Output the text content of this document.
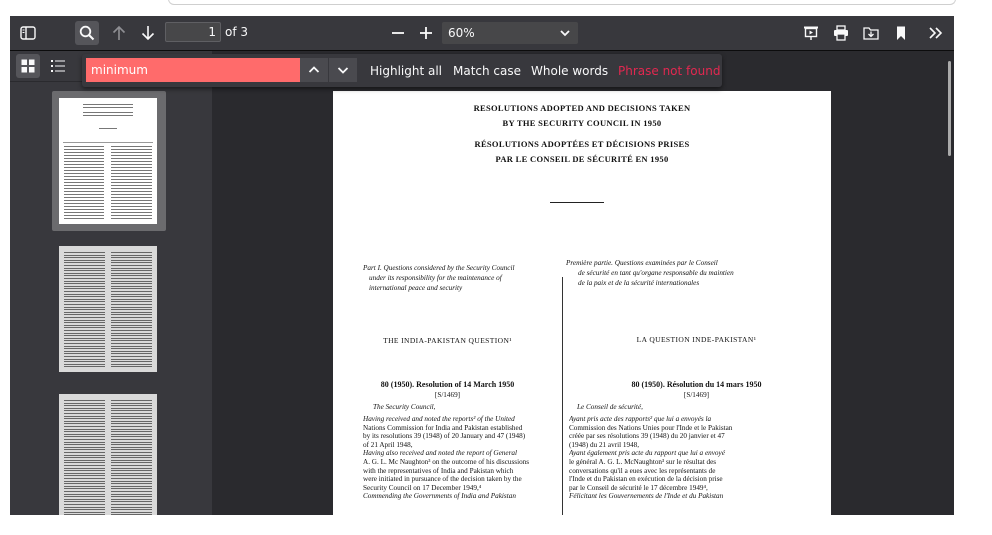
1 of 3	60%
RESOLUTIONS ADOPTED AND DECISIONS TAKEN
BY THE SECURITY COUNCIL IN 1950
RÉSOLUTIONS ADOPTÉES ET DÉCISIONS PRISES
PAR LE CONSEIL DE SÉCURITÉ EN 1950
Part I. Questions considered by the Security Council
under its responsibility for the maintenance of
international peace and security
THE INDIA-PAKISTAN QUESTION¹
80 (1950). Resolution of 14 March 1950
[S/1469]
The Security Council,
Having received and noted the reports² of the United
Nations Commission for India and Pakistan established
by its resolutions 39 (1948) of 20 January and 47 (1948)
of 21 April 1948,
Having also received and noted the report of General
A. G. L. Mc Naughton³ on the outcome of his discussions
with the representatives of India and Pakistan which
were initiated in pursuance of the decision taken by the
Security Council on 17 December 1949,⁴
Commending the Governments of India and Pakistan
Première partie. Questions examinées par le Conseil
de sécurité en tant qu'organe responsable du maintien
de la paix et de la sécurité internationales
LA QUESTION INDE-PAKISTAN¹
80 (1950). Résolution du 14 mars 1950
[S/1469]
Le Conseil de sécurité,
Ayant pris acte des rapports² que lui a envoyés la
Commission des Nations Unies pour l'Inde et le Pakistan
créée par ses résolutions 39 (1948) du 20 janvier et 47
(1948) du 21 avril 1948,
Ayant également pris acte du rapport que lui a envoyé
le général A. G. L. McNaughton³ sur le résultat des
conversations qu'il a eues avec les représentants de
l'Inde et du Pakistan en exécution de la décision prise
par le Conseil de sécurité le 17 décembre 1949⁴,
Félicitant les Gouvernements de l'Inde et du Pakistan
minimum
Highlight all Match case Whole words Phrase not found
